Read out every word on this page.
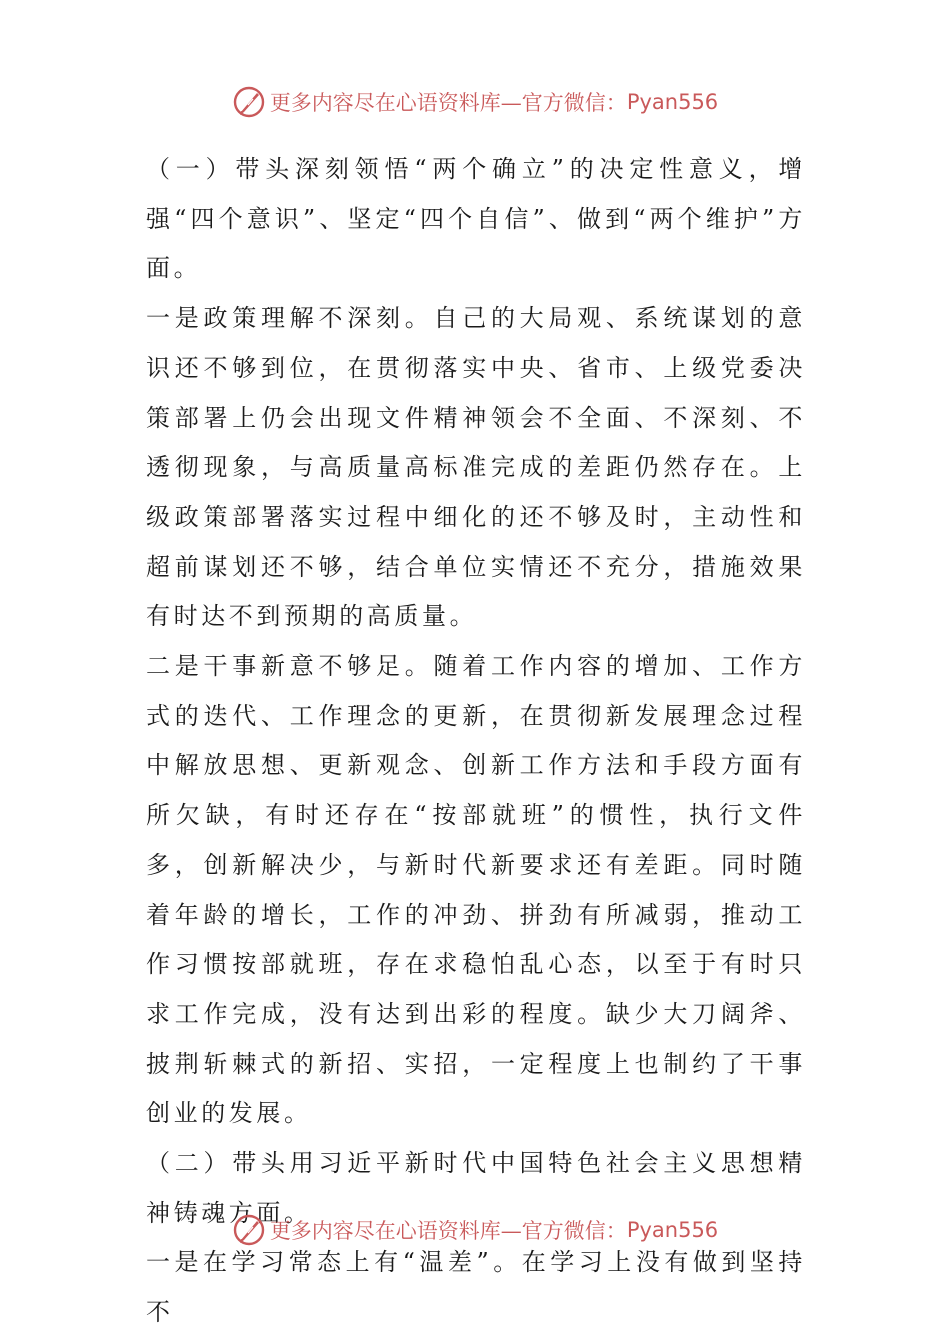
更多内容尽在心语资料库—官方微信： Pyan556

（一）带头深刻领悟“两个确立”的决定性意义，增强“四个意识”、坚定“四个自信”、做到“两个维护”方面。

一是政策理解不深刻。自己的大局观、系统谋划的意识还不够到位，在贯彻落实中央、省市、上级党委决策部署上仍会出现文件精神领会不全面、不深刻、不透彻现象，与高质量高标准完成的差距仍然存在。上级政策部署落实过程中细化的还不够及时，主动性和超前谋划还不够，结合单位实情还不充分，措施效果有时达不到预期的高质量。

二是干事新意不够足。随着工作内容的增加、工作方式的迭代、工作理念的更新，在贯彻新发展理念过程中解放思想、更新观念、创新工作方法和手段方面有所欠缺，有时还存在“按部就班”的惯性，执行文件多，创新解决少，与新时代新要求还有差距。同时随着年龄的增长，工作的冲劲、拼劲有所减弱，推动工作习惯按部就班，存在求稳怕乱心态，以至于有时只求工作完成，没有达到出彩的程度。缺少大刀阔斧、披荆斩棘式的新招、实招，一定程度上也制约了干事创业的发展。

（二）带头用习近平新时代中国特色社会主义思想精神铸魂方面。

一是在学习常态上有“温差”。在学习上没有做到坚持不

更多内容尽在心语资料库—官方微信： Pyan556
